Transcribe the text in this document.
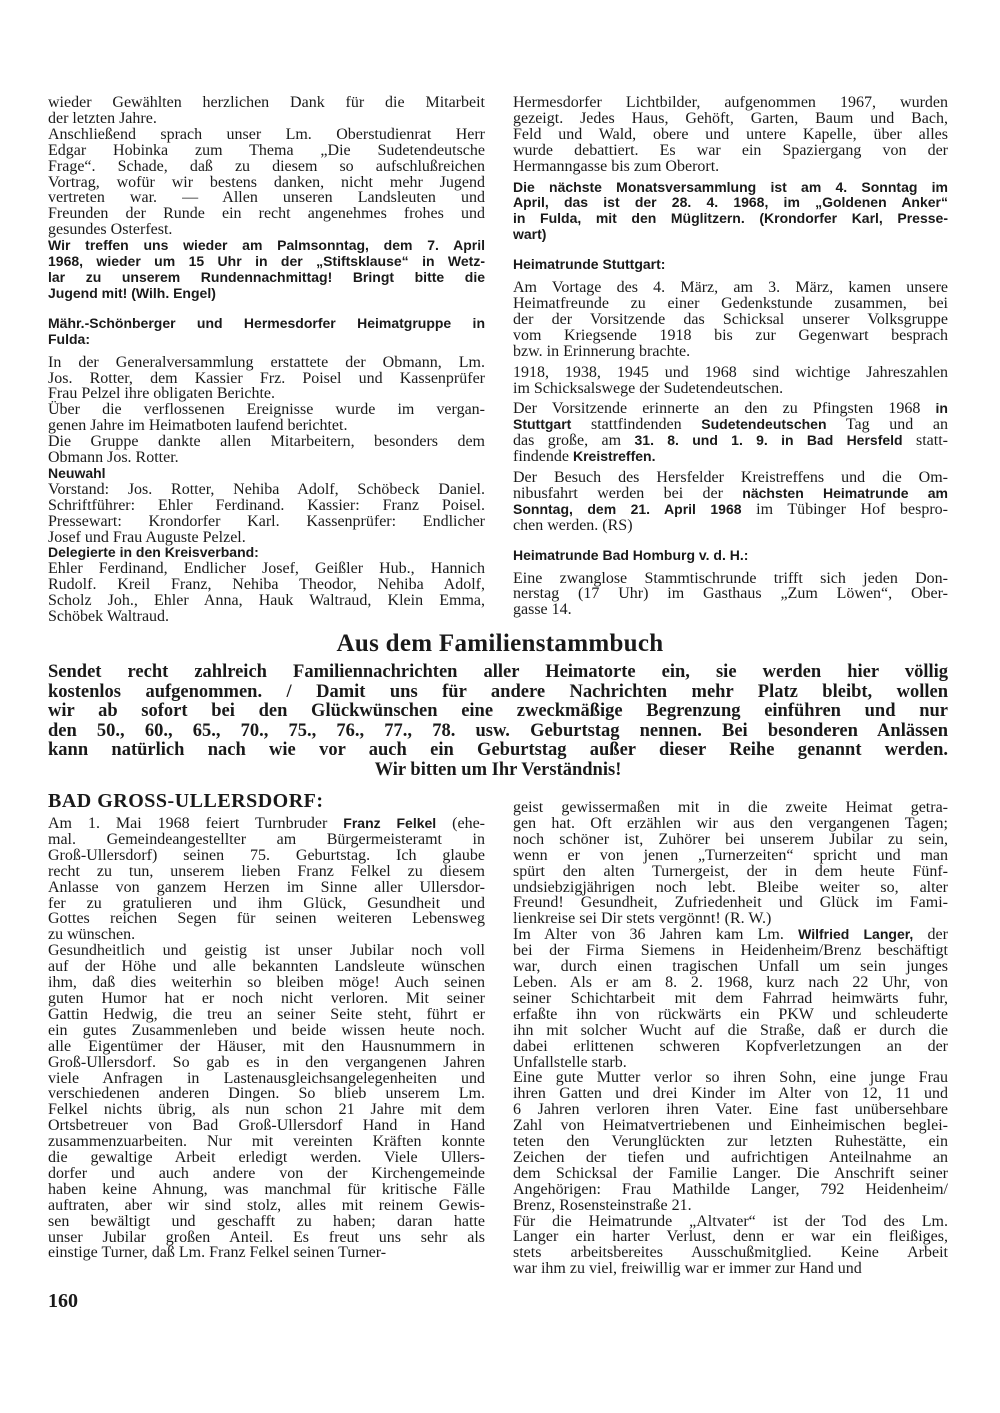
wieder Gewählten herzlichen Dank für die Mitarbeit
der letzten Jahre.
Anschließend sprach unser Lm. Oberstudienrat Herr
Edgar Hobinka zum Thema „Die Sudetendeutsche
Frage“. Schade, daß zu diesem so aufschlußreichen
Vortrag, wofür wir bestens danken, nicht mehr Jugend
vertreten war. — Allen unseren Landsleuten und
Freunden der Runde ein recht angenehmes frohes und
gesundes Osterfest.
Wir treffen uns wieder am Palmsonntag, dem 7. April
1968, wieder um 15 Uhr in der „Stiftsklause“ in Wetz-
lar zu unserem Rundennachmittag! Bringt bitte die
Jugend mit! (Wilh. Engel)
Mähr.-Schönberger und Hermesdorfer Heimatgruppe in
Fulda:
In der Generalversammlung erstattete der Obmann, Lm.
Jos. Rotter, dem Kassier Frz. Poisel und Kassenprüfer
Frau Pelzel ihre obligaten Berichte.
Über die verflossenen Ereignisse wurde im vergan-
genen Jahre im Heimatboten laufend berichtet.
Die Gruppe dankte allen Mitarbeitern, besonders dem
Obmann Jos. Rotter.
Neuwahl
Vorstand: Jos. Rotter, Nehiba Adolf, Schöbeck Daniel.
Schriftführer: Ehler Ferdinand. Kassier: Franz Poisel.
Pressewart: Krondorfer Karl. Kassenprüfer: Endlicher
Josef und Frau Auguste Pelzel.
Delegierte in den Kreisverband:
Ehler Ferdinand, Endlicher Josef, Geißler Hub., Hannich
Rudolf. Kreil Franz, Nehiba Theodor, Nehiba Adolf,
Scholz Joh., Ehler Anna, Hauk Waltraud, Klein Emma,
Schöbek Waltraud.
Hermesdorfer Lichtbilder, aufgenommen 1967, wurden
gezeigt. Jedes Haus, Gehöft, Garten, Baum und Bach,
Feld und Wald, obere und untere Kapelle, über alles
wurde debattiert. Es war ein Spaziergang von der
Hermanngasse bis zum Oberort.
Die nächste Monatsversammlung ist am 4. Sonntag im
April, das ist der 28. 4. 1968, im „Goldenen Anker“
in Fulda, mit den Müglitzern. (Krondorfer Karl, Presse-
wart)
Heimatrunde Stuttgart:
Am Vortage des 4. März, am 3. März, kamen unsere
Heimatfreunde zu einer Gedenkstunde zusammen, bei
der der Vorsitzende das Schicksal unserer Volksgruppe
vom Kriegsende 1918 bis zur Gegenwart besprach
bzw. in Erinnerung brachte.
1918, 1938, 1945 und 1968 sind wichtige Jahreszahlen
im Schicksalswege der Sudetendeutschen.
Der Vorsitzende erinnerte an den zu Pfingsten 1968 in
Stuttgart stattfindenden Sudetendeutschen Tag und an
das große, am 31. 8. und 1. 9. in Bad Hersfeld statt-
findende Kreistreffen.
Der Besuch des Hersfelder Kreistreffens und die Om-
nibusfahrt werden bei der nächsten Heimatrunde am
Sonntag, dem 21. April 1968 im Tübinger Hof bespro-
chen werden. (RS)
Heimatrunde Bad Homburg v. d. H.:
Eine zwanglose Stammtischrunde trifft sich jeden Don-
nerstag (17 Uhr) im Gasthaus „Zum Löwen“, Ober-
gasse 14.
Aus dem Familienstammbuch
Sendet recht zahlreich Familiennachrichten aller Heimatorte ein, sie werden hier völlig
kostenlos aufgenommen. / Damit uns für andere Nachrichten mehr Platz bleibt, wollen
wir ab sofort bei den Glückwünschen eine zweckmäßige Begrenzung einführen und nur
den 50., 60., 65., 70., 75., 76., 77., 78. usw. Geburtstag nennen. Bei besonderen Anlässen
kann natürlich nach wie vor auch ein Geburtstag außer dieser Reihe genannt werden.
Wir bitten um Ihr Verständnis!
BAD GROSS-ULLERSDORF:
Am 1. Mai 1968 feiert Turnbruder Franz Felkel (ehe-
mal. Gemeindeangestellter am Bürgermeisteramt in
Groß-Ullersdorf) seinen 75. Geburtstag. Ich glaube
recht zu tun, unserem lieben Franz Felkel zu diesem
Anlasse von ganzem Herzen im Sinne aller Ullersdor-
fer zu gratulieren und ihm Glück, Gesundheit und
Gottes reichen Segen für seinen weiteren Lebensweg
zu wünschen.
Gesundheitlich und geistig ist unser Jubilar noch voll
auf der Höhe und alle bekannten Landsleute wünschen
ihm, daß dies weiterhin so bleiben möge! Auch seinen
guten Humor hat er noch nicht verloren. Mit seiner
Gattin Hedwig, die treu an seiner Seite steht, führt er
ein gutes Zusammenleben und beide wissen heute noch.
alle Eigentümer der Häuser, mit den Hausnummern in
Groß-Ullersdorf. So gab es in den vergangenen Jahren
viele Anfragen in Lastenausgleichsangelegenheiten und
verschiedenen anderen Dingen. So blieb unserem Lm.
Felkel nichts übrig, als nun schon 21 Jahre mit dem
Ortsbetreuer von Bad Groß-Ullersdorf Hand in Hand
zusammenzuarbeiten. Nur mit vereinten Kräften konnte
die gewaltige Arbeit erledigt werden. Viele Ullers-
dorfer und auch andere von der Kirchengemeinde
haben keine Ahnung, was manchmal für kritische Fälle
auftraten, aber wir sind stolz, alles mit reinem Gewis-
sen bewältigt und geschafft zu haben; daran hatte
unser Jubilar großen Anteil. Es freut uns sehr als
einstige Turner, daß Lm. Franz Felkel seinen Turner-
geist gewissermaßen mit in die zweite Heimat getra-
gen hat. Oft erzählen wir aus den vergangenen Tagen;
noch schöner ist, Zuhörer bei unserem Jubilar zu sein,
wenn er von jenen „Turnerzeiten“ spricht und man
spürt den alten Turnergeist, der in dem heute Fünf-
undsiebzigjährigen noch lebt. Bleibe weiter so, alter
Freund! Gesundheit, Zufriedenheit und Glück im Fami-
lienkreise sei Dir stets vergönnt! (R. W.)
Im Alter von 36 Jahren kam Lm. Wilfried Langer, der
bei der Firma Siemens in Heidenheim/Brenz beschäftigt
war, durch einen tragischen Unfall um sein junges
Leben. Als er am 8. 2. 1968, kurz nach 22 Uhr, von
seiner Schichtarbeit mit dem Fahrrad heimwärts fuhr,
erfaßte ihn von rückwärts ein PKW und schleuderte
ihn mit solcher Wucht auf die Straße, daß er durch die
dabei erlittenen schweren Kopfverletzungen an der
Unfallstelle starb.
Eine gute Mutter verlor so ihren Sohn, eine junge Frau
ihren Gatten und drei Kinder im Alter von 12, 11 und
6 Jahren verloren ihren Vater. Eine fast unübersehbare
Zahl von Heimatvertriebenen und Einheimischen beglei-
teten den Verunglückten zur letzten Ruhestätte, ein
Zeichen der tiefen und aufrichtigen Anteilnahme an
dem Schicksal der Familie Langer. Die Anschrift seiner
Angehörigen: Frau Mathilde Langer, 792 Heidenheim/
Brenz, Rosensteinstraße 21.
Für die Heimatrunde „Altvater“ ist der Tod des Lm.
Langer ein harter Verlust, denn er war ein fleißiges,
stets arbeitsbereites Ausschußmitglied. Keine Arbeit
war ihm zu viel, freiwillig war er immer zur Hand und
160
